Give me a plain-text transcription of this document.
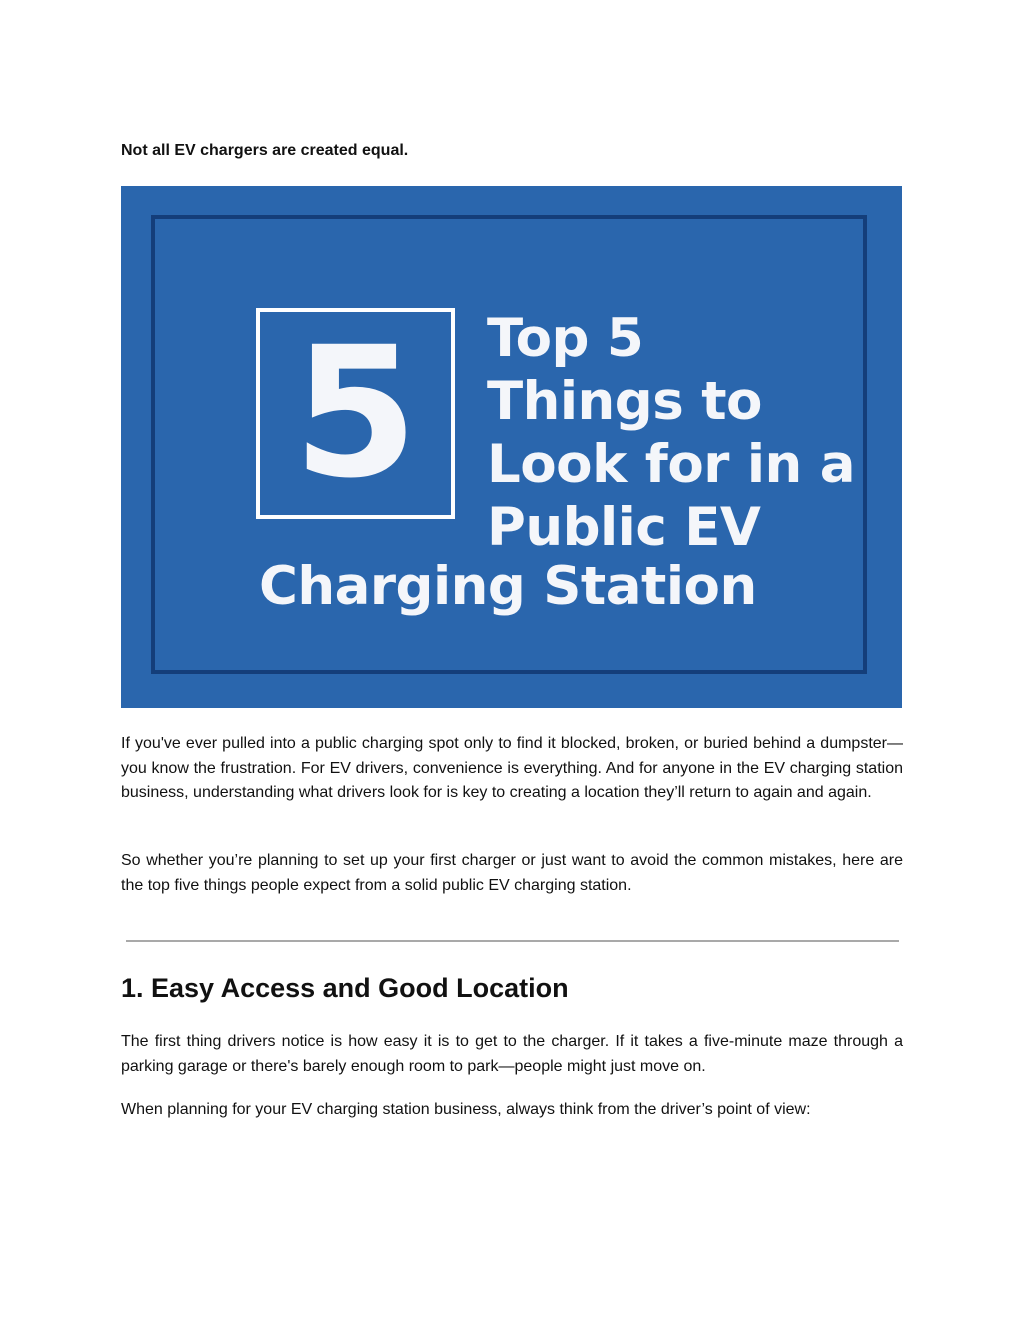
Not all EV chargers are created equal.

5	Top 5
Things to
Look for in a
Public EV
Charging Station

If you've ever pulled into a public charging spot only to find it blocked, broken, or buried behind a dumpster—you know the frustration. For EV drivers, convenience is everything. And for anyone in the EV charging station business, understanding what drivers look for is key to creating a location they’ll return to again and again.

So whether you’re planning to set up your first charger or just want to avoid the common mistakes, here are the top five things people expect from a solid public EV charging station.

1. Easy Access and Good Location

The first thing drivers notice is how easy it is to get to the charger. If it takes a five-minute maze through a parking garage or there's barely enough room to park—people might just move on.

When planning for your EV charging station business, always think from the driver’s point of view:
